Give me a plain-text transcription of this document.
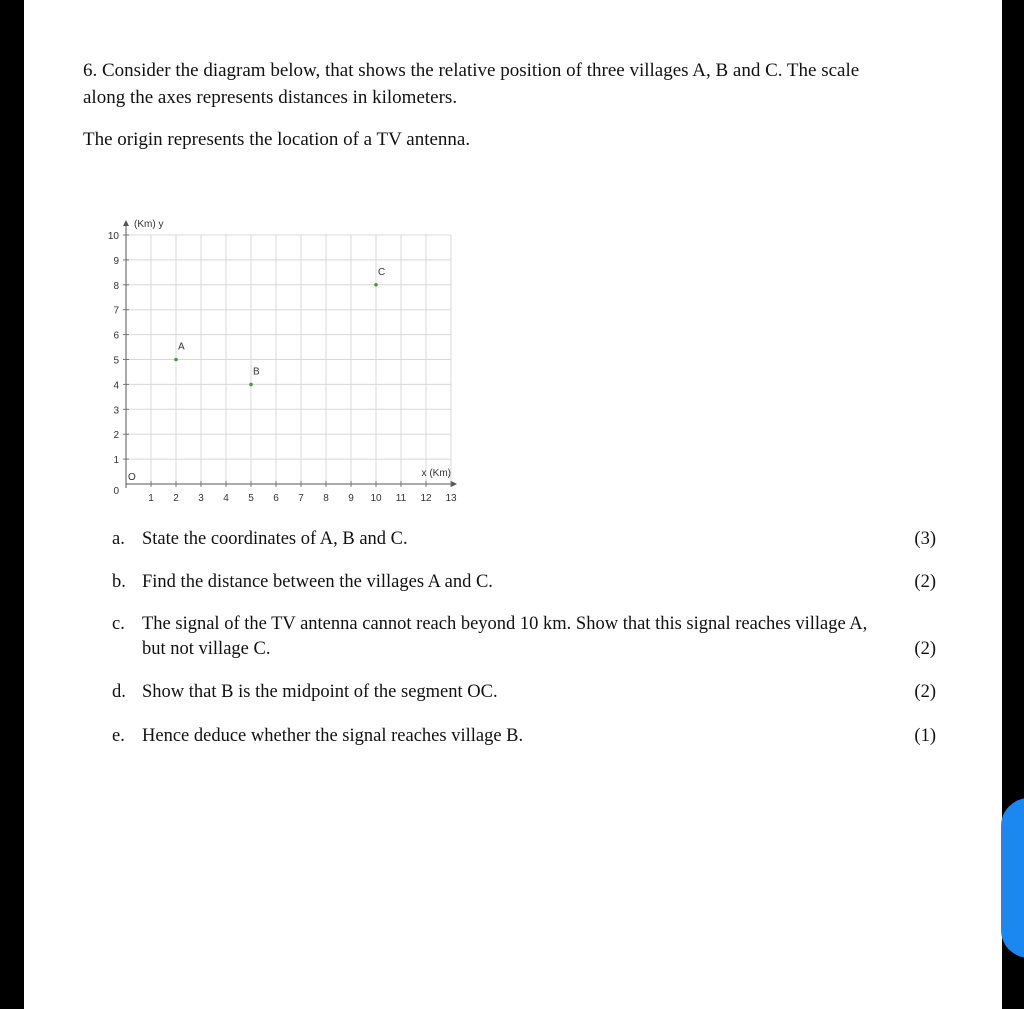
6. Consider the diagram below, that shows the relative position of three villages A, B and C. The scale
along the axes represents distances in kilometers.
The origin represents the location of a TV antenna.
1 2 3 4 5 6 7 8 9 10 11 12 13
1
2
3
4
5
6
7
8
9
10
0
O	x (Km)
(Km) y
A
B
C
a. State the coordinates of A, B and C.	(3)
b. Find the distance between the villages A and C.	(2)
c. The signal of the TV antenna cannot reach beyond 10 km. Show that this signal reaches village A,
but not village C.	(2)
d. Show that B is the midpoint of the segment OC.	(2)
e. Hence deduce whether the signal reaches village B.	(1)
